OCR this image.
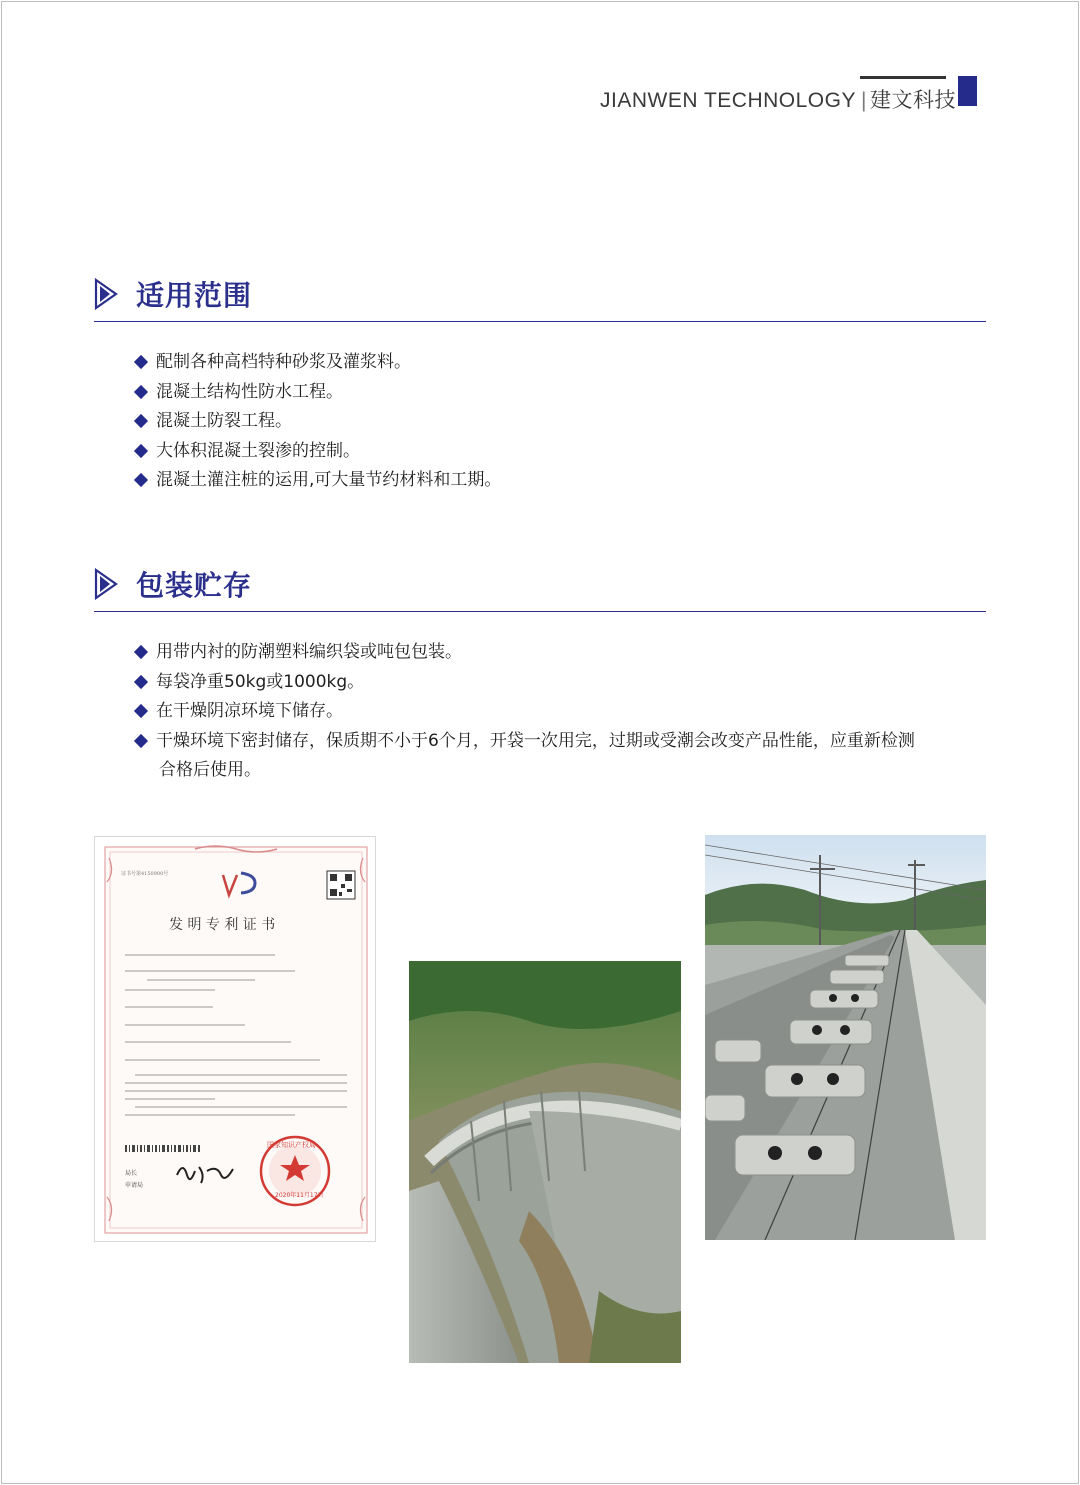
JIANWEN TECHNOLOGY | 建文科技
适用范围
配制各种高档特种砂浆及灌浆料。
混凝土结构性防水工程。
混凝土防裂工程。
大体积混凝土裂渗的控制。
混凝土灌注桩的运用,可大量节约材料和工期。
包装贮存
用带内衬的防潮塑料编织袋或吨包包装。
每袋净重50kg或1000kg。
在干燥阴凉环境下储存。
干燥环境下密封储存，保质期不小于6个月，开袋一次用完，过期或受潮会改变产品性能，应重新检测
合格后使用。
证书号第4150900号
发 明 专 利 证 书
局长
申请局
国家知识产权局
2020年11月17日
